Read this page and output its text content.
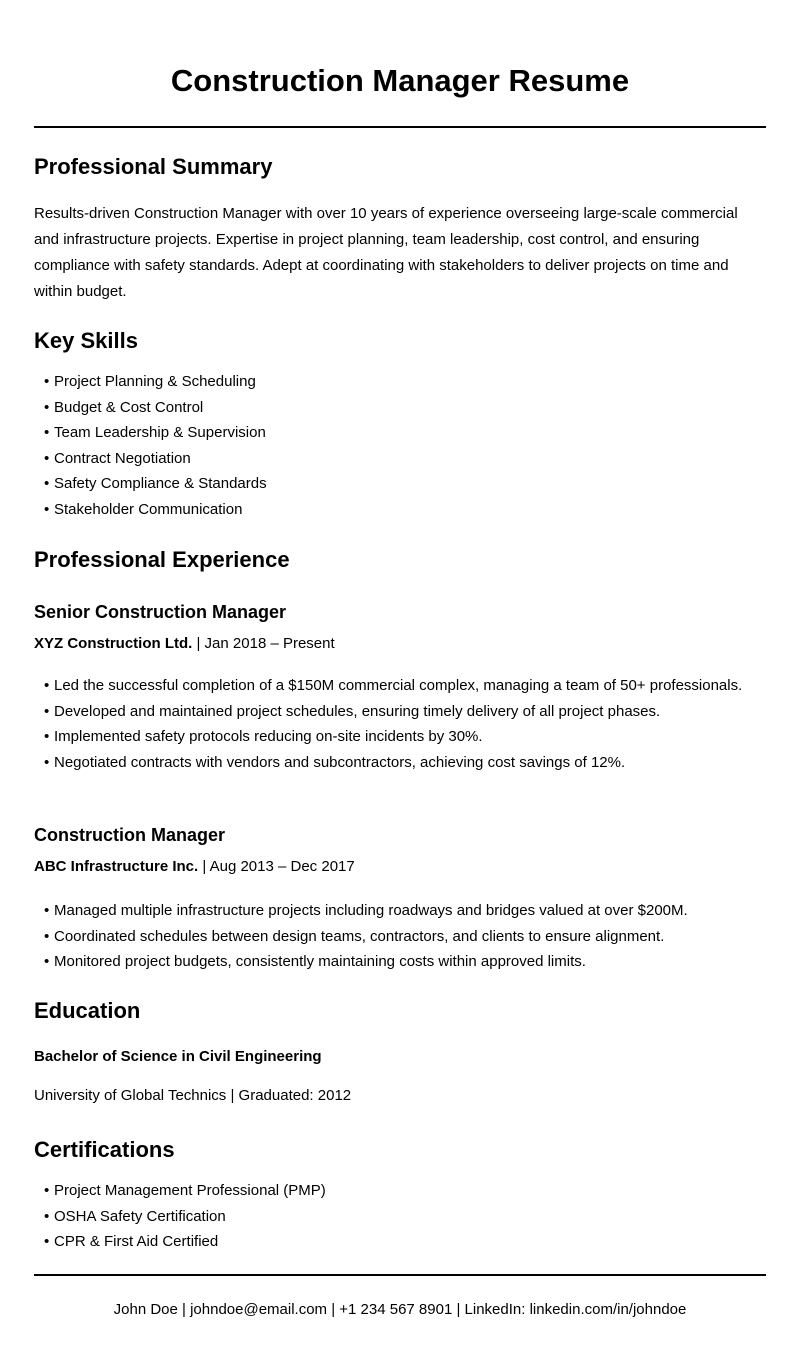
Construction Manager Resume
Professional Summary

Results-driven Construction Manager with over 10 years of experience overseeing large-scale commercial and infrastructure projects. Expertise in project planning, team leadership, cost control, and ensuring compliance with safety standards. Adept at coordinating with stakeholders to deliver projects on time and within budget.

Key Skills
• Project Planning & Scheduling
• Budget & Cost Control
• Team Leadership & Supervision
• Contract Negotiation
• Safety Compliance & Standards
• Stakeholder Communication
Professional Experience
Senior Construction Manager
XYZ Construction Ltd. | Jan 2018 – Present
• Led the successful completion of a $150M commercial complex, managing a team of 50+ professionals.
• Developed and maintained project schedules, ensuring timely delivery of all project phases.
• Implemented safety protocols reducing on-site incidents by 30%.
• Negotiated contracts with vendors and subcontractors, achieving cost savings of 12%.
Construction Manager
ABC Infrastructure Inc. | Aug 2013 – Dec 2017
• Managed multiple infrastructure projects including roadways and bridges valued at over $200M.
• Coordinated schedules between design teams, contractors, and clients to ensure alignment.
• Monitored project budgets, consistently maintaining costs within approved limits.
Education
Bachelor of Science in Civil Engineering

University of Global Technics | Graduated: 2012

Certifications
• Project Management Professional (PMP)
• OSHA Safety Certification
• CPR & First Aid Certified
John Doe | johndoe@email.com | +1 234 567 8901 | LinkedIn: linkedin.com/in/johndoe
